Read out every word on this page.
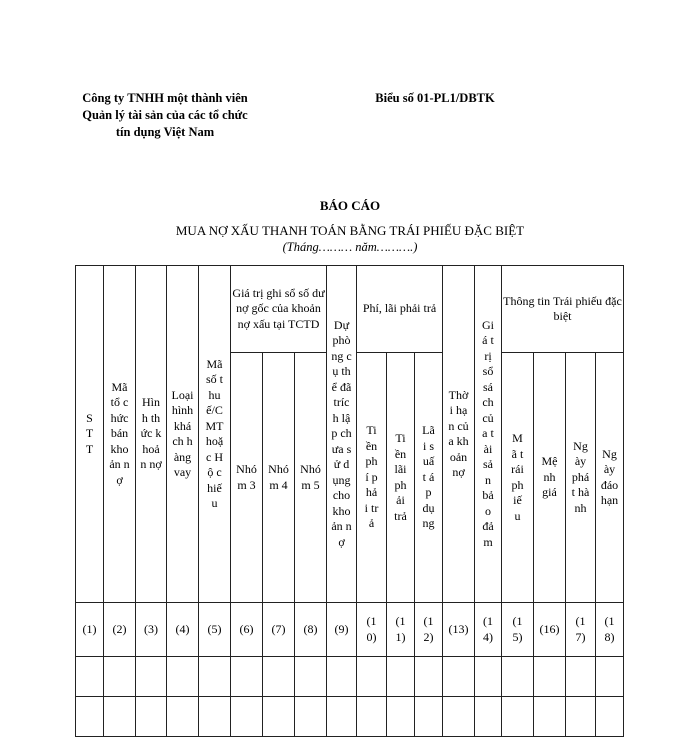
Công ty TNHH một thành viên Quản lý tài sản của các tổ chức tín dụng Việt Nam
Biểu số 01-PL1/DBTK
BÁO CÁO
MUA NỢ XẤU THANH TOÁN BẰNG TRÁI PHIẾU ĐẶC BIỆT
(Tháng……… năm……….)
STT	Mã tổ chức bán khoản nợ	Hình thức khoản nợ	Loại hình khách hàng vay	Mã số thuế/CMT hoặc Hộ chiếu	Giá trị ghi sổ số dư nợ gốc của khoản nợ xấu tại TCTD			Dự phòng cụ thể đã trích lập chưa sử dụng cho khoản nợ	Phí, lãi phải trả			Thời hạn của khoản nợ	Giá trị sổ sách của tài sản bảo đảm	Thông tin Trái phiếu đặc biệt			

					Nhóm 3	Nhóm 4	Nhóm 5		Tiền phí phải trả	Tiền lãi phải trả	Lãi suất áp dụng			Mã trái phiếu	Mệnh giá	Ngày phát hành	Ngày đáo hạn

(1)	(2)	(3)	(4)	(5)	(6)	(7)	(8)	(9)	(10)	(11)	(12)	(13)	(14)	(15)	(16)	(17)	(18)
